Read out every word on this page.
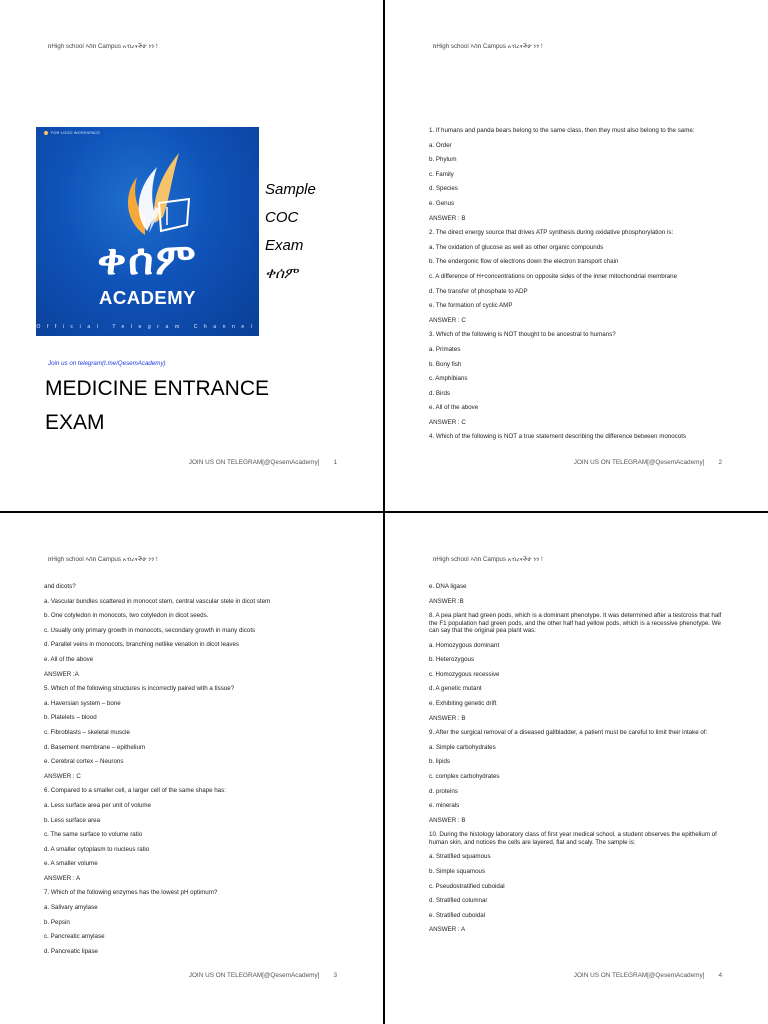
ከHigh school እስከ Campus አብረናችሁ ነን !
FOR LOGO WORKSPACE
ቀሰም
ACADEMY
Official Telegram Channel
Sample
COC
Exam
ቀሰም
Join us on telegram(t.me/QesemAcademy)
MEDICINE ENTRANCE
EXAM
JOIN US ON TELEGRAM[@QesemAcademy] 1
ከHigh school እስከ Campus አብረናችሁ ነን !
1. If humans and panda bears belong to the same class, then they must also belong to the same:
a. Order
b. Phylum
c. Family
d. Species
e. Genus
ANSWER : B
2. The direct energy source that drives ATP synthesis during oxidative phosphorylation is:
a. The oxidation of glucose as well as other organic compounds
b. The endergonic flow of electrons down the electron transport chain
c. A difference of H+concentrations on opposite sides of the inner mitochondrial membrane
d. The transfer of phosphate to ADP
e. The formation of cyclic AMP
ANSWER : C
3. Which of the following is NOT thought to be ancestral to humans?
a. Primates
b. Bony fish
c. Amphibians
d. Birds
e. All of the above
ANSWER : C
4. Which of the following is NOT a true statement describing the difference between monocots
JOIN US ON TELEGRAM[@QesemAcademy] 2
ከHigh school እስከ Campus አብረናችሁ ነን !
and dicots?
a. Vascular bundles scattered in monocot stem, central vascular stele in dicot stem
b. One cotyledon in monocots, two cotyledon in dicot seeds.
c. Usually only primary growth in monocots, secondary growth in many dicots
d. Parallel veins in monocots, branching netlike venation in dicot leaves
e. All of the above
ANSWER :A
5. Which of the following structures is incorrectly paired with a tissue?
a. Haversian system – bone
b. Platelets – blood
c. Fibroblasts – skeletal muscle
d. Basement membrane – epithelium
e. Cerebral cortex – Neurons
ANSWER : C
6. Compared to a smaller cell, a larger cell of the same shape has:
a. Less surface area per unit of volume
b. Less surface area
c. The same surface to volume ratio
d. A smaller cytoplasm to nucleus ratio
e. A smaller volume
ANSWER : A
7. Which of the following enzymes has the lowest pH optimum?
a. Salivary amylase
b. Pepsin
c. Pancreatic amylase
d. Pancreatic lipase
JOIN US ON TELEGRAM[@QesemAcademy] 3
ከHigh school እስከ Campus አብረናችሁ ነን !
e. DNA ligase
ANSWER :B
8. A pea plant had green pods, which is a dominant phenotype. It was determined after a testcross that half the F1 population had green pods, and the other half had yellow pods, which is a recessive phenotype. We can say that the original pea plant was:
a. Homozygous dominant
b. Heterozygous
c. Homozygous recessive
d. A genetic mutant
e. Exhibiting genetic drift
ANSWER : B
9. After the surgical removal of a diseased gallbladder, a patient must be careful to limit their intake of:
a. Simple carbohydrates
b. lipids
c. complex carbohydrates
d. proteins
e. minerals
ANSWER : B
10. During the histology laboratory class of first year medical school, a student observes the epithelium of human skin, and notices the cells are layered, flat and scaly. The sample is:
a. Stratified squamous
b. Simple squamous
c. Pseudostratified cuboidal
d. Stratified columnar
e. Stratified cuboidal
ANSWER : A
JOIN US ON TELEGRAM[@QesemAcademy] 4
